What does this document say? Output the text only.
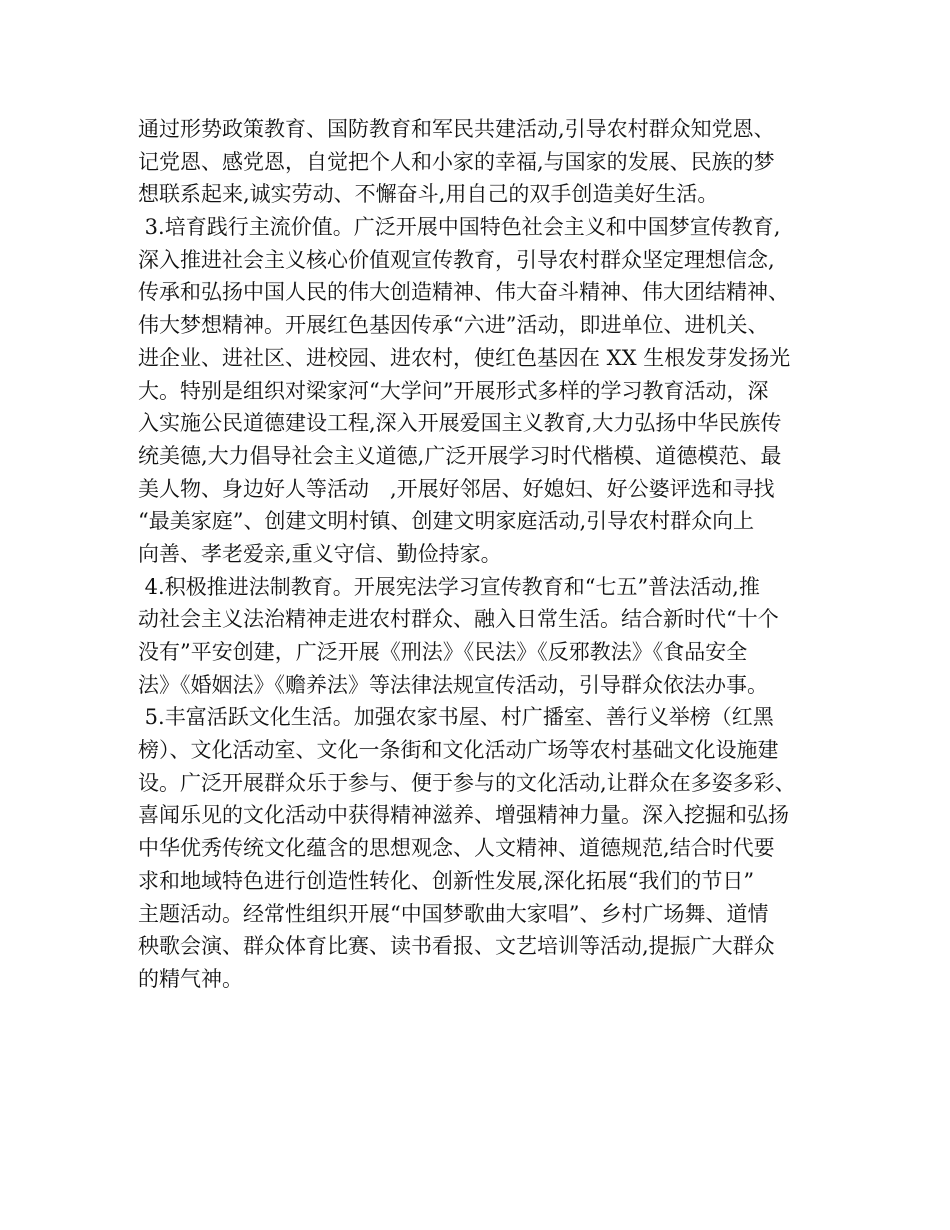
通过形势政策教育、国防教育和军民共建活动,引导农村群众知党恩、
记党恩、感党恩，自觉把个人和小家的幸福,与国家的发展、民族的梦
想联系起来,诚实劳动、不懈奋斗,用自己的双手创造美好生活。
3.培育践行主流价值。广泛开展中国特色社会主义和中国梦宣传教育,
深入推进社会主义核心价值观宣传教育，引导农村群众坚定理想信念,
传承和弘扬中国人民的伟大创造精神、伟大奋斗精神、伟大团结精神、
伟大梦想精神。开展红色基因传承“六进”活动，即进单位、进机关、
进企业、进社区、进校园、进农村，使红色基因在 XX 生根发芽发扬光
大。特别是组织对梁家河“大学问”开展形式多样的学习教育活动，深
入实施公民道德建设工程,深入开展爱国主义教育,大力弘扬中华民族传
统美德,大力倡导社会主义道德,广泛开展学习时代楷模、道德模范、最
美人物、身边好人等活动　,开展好邻居、好媳妇、好公婆评选和寻找
“最美家庭”、创建文明村镇、创建文明家庭活动,引导农村群众向上
向善、孝老爱亲,重义守信、勤俭持家。
4.积极推进法制教育。开展宪法学习宣传教育和“七五”普法活动,推
动社会主义法治精神走进农村群众、融入日常生活。结合新时代“十个
没有”平安创建，广泛开展《刑法》《民法》《反邪教法》《食品安全
法》《婚姻法》《赡养法》等法律法规宣传活动，引导群众依法办事。
5.丰富活跃文化生活。加强农家书屋、村广播室、善行义举榜（红黑
榜）、文化活动室、文化一条街和文化活动广场等农村基础文化设施建
设。广泛开展群众乐于参与、便于参与的文化活动,让群众在多姿多彩、
喜闻乐见的文化活动中获得精神滋养、增强精神力量。深入挖掘和弘扬
中华优秀传统文化蕴含的思想观念、人文精神、道德规范,结合时代要
求和地域特色进行创造性转化、创新性发展,深化拓展“我们的节日”
主题活动。经常性组织开展“中国梦歌曲大家唱”、乡村广场舞、道情
秧歌会演、群众体育比赛、读书看报、文艺培训等活动,提振广大群众
的精气神。
